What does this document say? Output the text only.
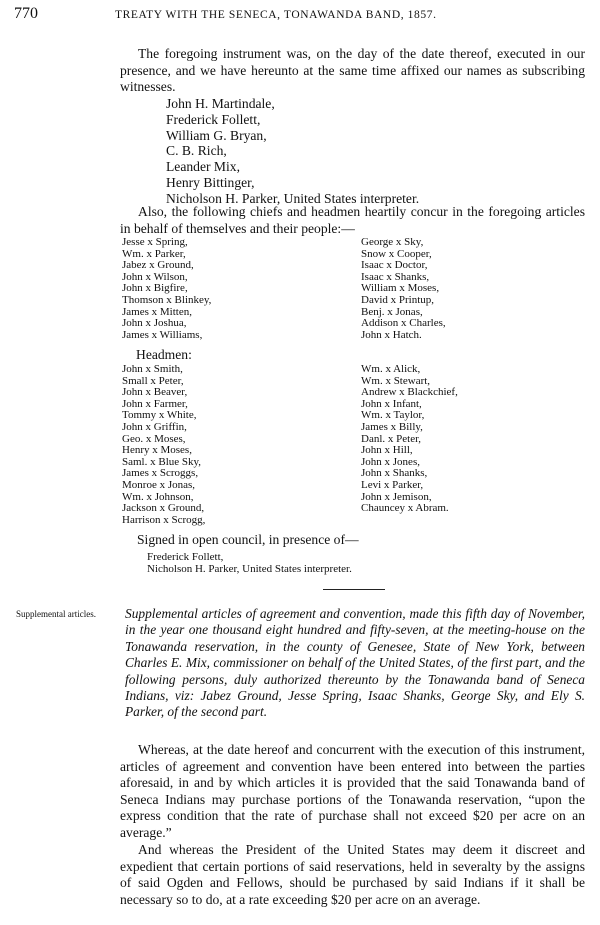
770	TREATY WITH THE SENECA, TONAWANDA BAND, 1857.

The foregoing instrument was, on the day of the date thereof, executed in our presence, and we have hereunto at the same time affixed our names as subscribing witnesses.

John H. Martindale,
Frederick Follett,
William G. Bryan,
C. B. Rich,
Leander Mix,
Henry Bittinger,
Nicholson H. Parker, United States interpreter.

Also, the following chiefs and headmen heartily concur in the foregoing articles in behalf of themselves and their people:—

Jesse x Spring,
Wm. x Parker,
Jabez x Ground,
John x Wilson,
John x Bigfire,
Thomson x Blinkey,
James x Mitten,
John x Joshua,
James x Williams,
George x Sky,
Snow x Cooper,
Isaac x Doctor,
Isaac x Shanks,
William x Moses,
David x Printup,
Benj. x Jonas,
Addison x Charles,
John x Hatch.
Headmen:
John x Smith,
Small x Peter,
John x Beaver,
John x Farmer,
Tommy x White,
John x Griffin,
Geo. x Moses,
Henry x Moses,
Saml. x Blue Sky,
James x Scroggs,
Monroe x Jonas,
Wm. x Johnson,
Jackson x Ground,
Harrison x Scrogg,
Wm. x Alick,
Wm. x Stewart,
Andrew x Blackchief,
John x Infant,
Wm. x Taylor,
James x Billy,
Danl. x Peter,
John x Hill,
John x Jones,
John x Shanks,
Levi x Parker,
John x Jemison,
Chauncey x Abram.
Signed in open council, in presence of—
Frederick Follett,
Nicholson H. Parker, United States interpreter.
Supplemental articles.	Supplemental articles of agreement and convention, made this fifth day of November, in the year one thousand eight hundred and fifty-seven, at the meeting-house on the Tonawanda reservation, in the county of Genesee, State of New York, between Charles E. Mix, commissioner on behalf of the United States, of the first part, and the following persons, duly authorized thereunto by the Tonawanda band of Seneca Indians, viz: Jabez Ground, Jesse Spring, Isaac Shanks, George Sky, and Ely S. Parker, of the second part.

Whereas, at the date hereof and concurrent with the execution of this instrument, articles of agreement and convention have been entered into between the parties aforesaid, in and by which articles it is provided that the said Tonawanda band of Seneca Indians may purchase portions of the Tonawanda reservation, “upon the express condition that the rate of purchase shall not exceed $20 per acre on an average.”

And whereas the President of the United States may deem it discreet and expedient that certain portions of said reservations, held in severalty by the assigns of said Ogden and Fellows, should be purchased by said Indians if it shall be necessary so to do, at a rate exceeding $20 per acre on an average.
